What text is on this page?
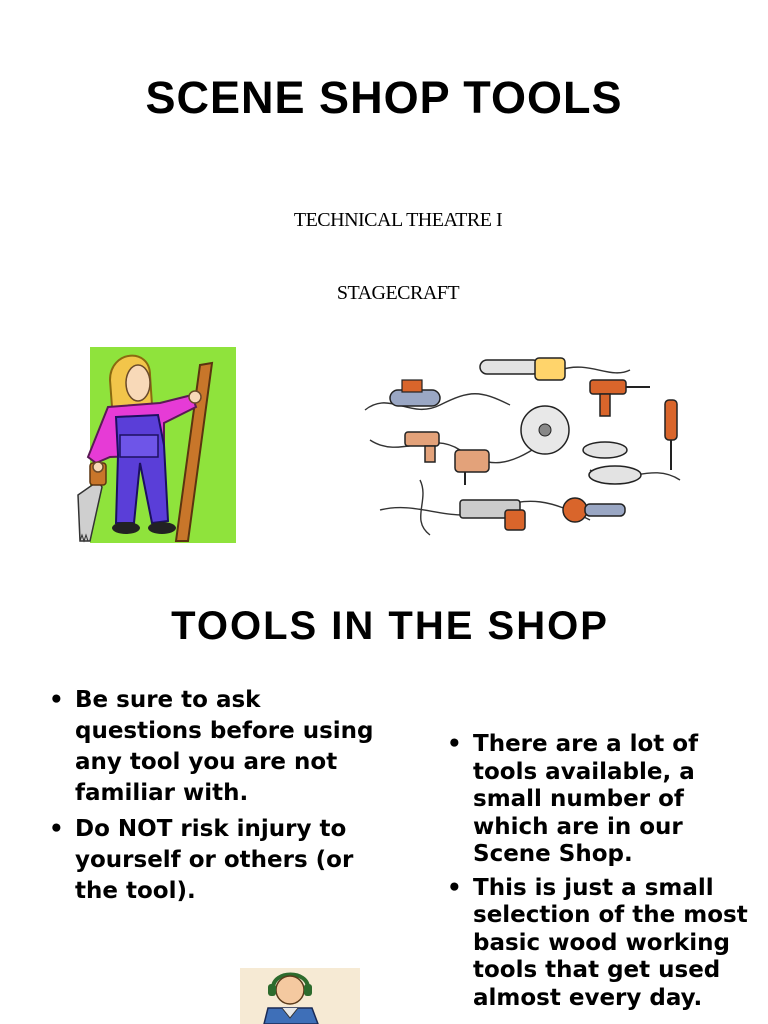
SCENE SHOP TOOLS
TECHNICAL THEATRE I
STAGECRAFT
TOOLS IN THE SHOP
• Be sure to ask questions before using any tool you are not familiar with.
• Do NOT risk injury to yourself or others (or the tool).
• There are a lot of tools available, a small number of which are in our Scene Shop.
• This is just a small selection of the most basic wood working tools that get used almost every day.
